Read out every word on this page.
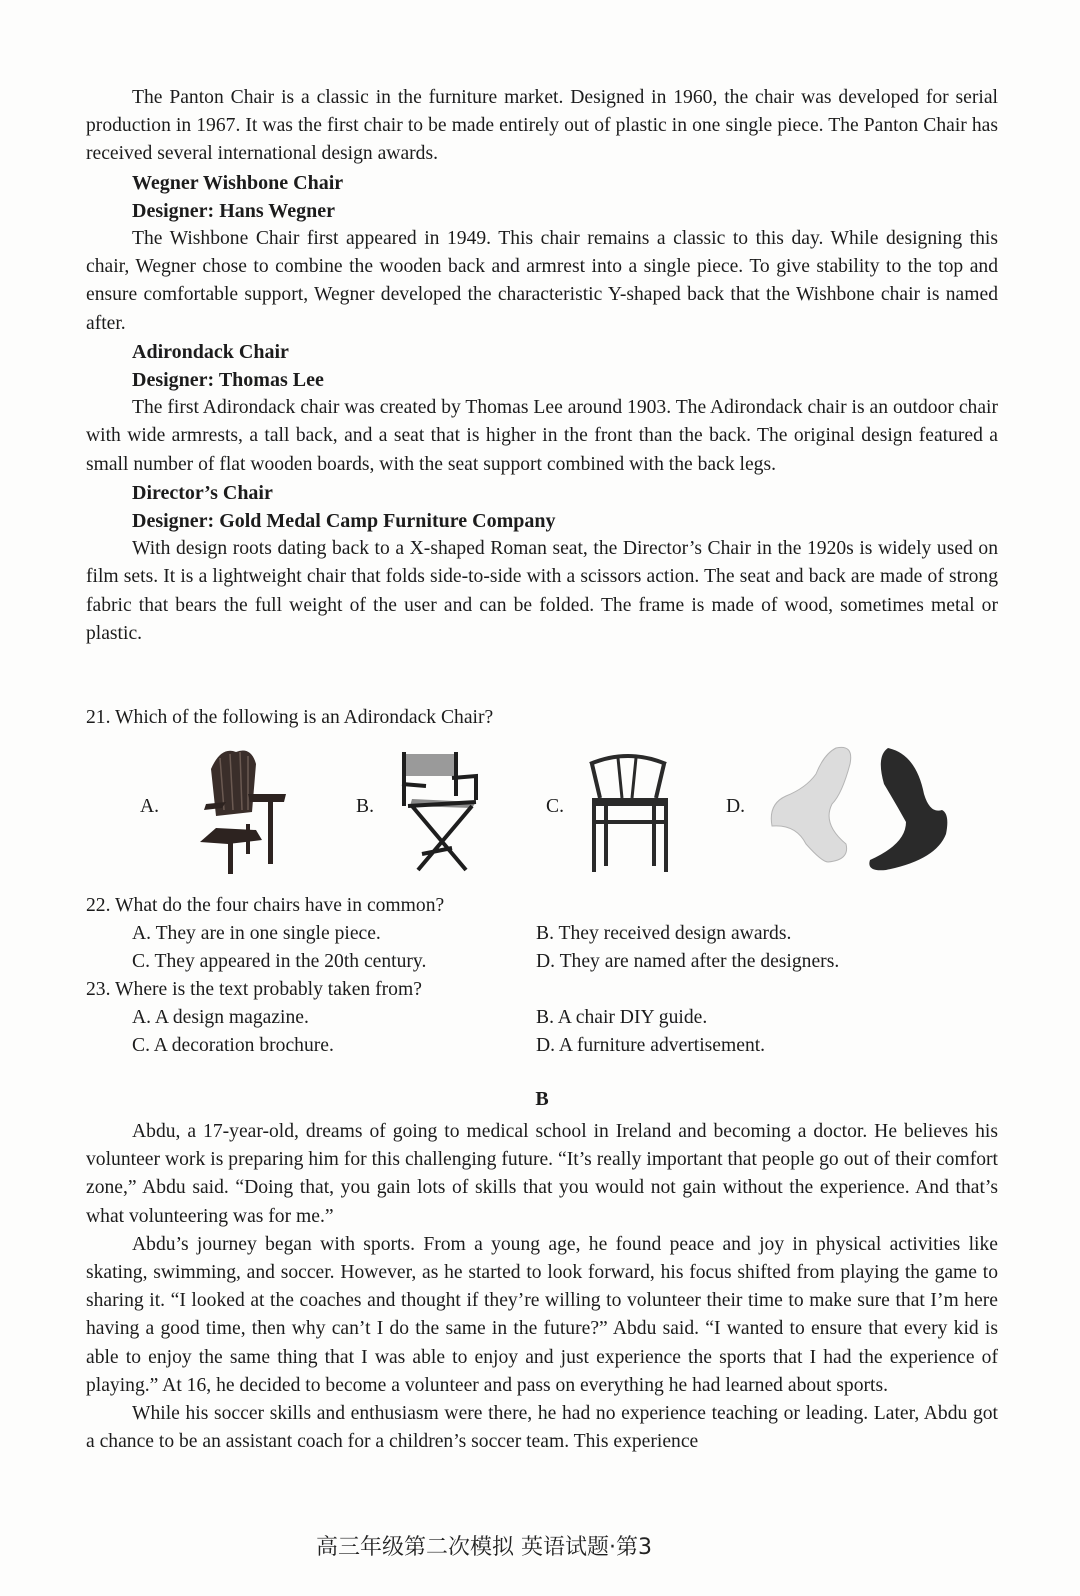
The Panton Chair is a classic in the furniture market. Designed in 1960, the chair was developed for serial production in 1967. It was the first chair to be made entirely out of plastic in one single piece. The Panton Chair has received several international design awards.

Wegner Wishbone Chair

Designer: Hans Wegner

The Wishbone Chair first appeared in 1949. This chair remains a classic to this day. While designing this chair, Wegner chose to combine the wooden back and armrest into a single piece. To give stability to the top and ensure comfortable support, Wegner developed the characteristic Y-shaped back that the Wishbone chair is named after.

Adirondack Chair

Designer: Thomas Lee

The first Adirondack chair was created by Thomas Lee around 1903. The Adirondack chair is an outdoor chair with wide armrests, a tall back, and a seat that is higher in the front than the back. The original design featured a small number of flat wooden boards, with the seat support combined with the back legs.

Director’s Chair

Designer: Gold Medal Camp Furniture Company

With design roots dating back to a X-shaped Roman seat, the Director’s Chair in the 1920s is widely used on film sets. It is a lightweight chair that folds side-to-side with a scissors action. The seat and back are made of strong fabric that bears the full weight of the user and can be folded. The frame is made of wood, sometimes metal or plastic.

21. Which of the following is an Adirondack Chair?

A.	B.	C.	D.

22. What do the four chairs have in common?

A. They are in one single piece.	B. They received design awards.
C. They appeared in the 20th century.	D. They are named after the designers.

23. Where is the text probably taken from?

A. A design magazine.	B. A chair DIY guide.
C. A decoration brochure.	D. A furniture advertisement.
B

Abdu, a 17-year-old, dreams of going to medical school in Ireland and becoming a doctor. He believes his volunteer work is preparing him for this challenging future. “It’s really important that people go out of their comfort zone,” Abdu said. “Doing that, you gain lots of skills that you would not gain without the experience. And that’s what volunteering was for me.”

Abdu’s journey began with sports. From a young age, he found peace and joy in physical activities like skating, swimming, and soccer. However, as he started to look forward, his focus shifted from playing the game to sharing it. “I looked at the coaches and thought if they’re willing to volunteer their time to make sure that I’m here having a good time, then why can’t I do the same in the future?” Abdu said. “I wanted to ensure that every kid is able to enjoy the same thing that I was able to enjoy and just experience the sports that I had the experience of playing.” At 16, he decided to become a volunteer and pass on everything he had learned about sports.

While his soccer skills and enthusiasm were there, he had no experience teaching or leading. Later, Abdu got a chance to be an assistant coach for a children’s soccer team. This experience

高三年级第二次模拟 英语试题·第3
